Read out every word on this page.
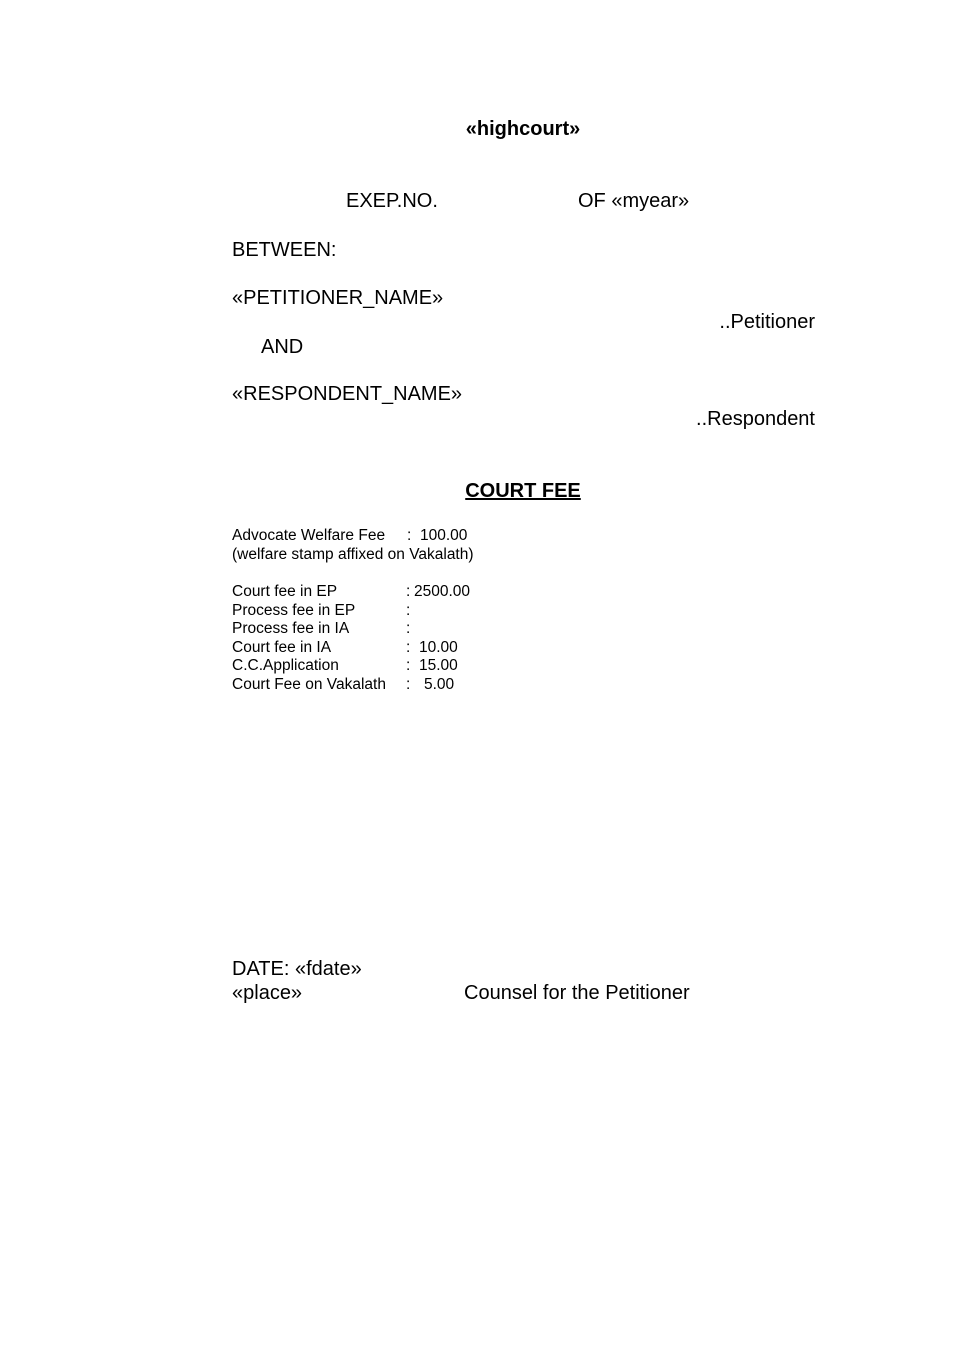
«highcourt»
EXEP.NO.	OF «myear»
BETWEEN:
«PETITIONER_NAME»
..Petitioner
AND
«RESPONDENT_NAME»
..Respondent
COURT FEE
Advocate Welfare Fee	: 100.00
(welfare stamp affixed on Vakalath)
Court fee in EP	: 2500.00
Process fee in EP	:
Process fee in IA	:
Court fee in IA	: 10.00
C.C.Application	: 15.00
Court Fee on Vakalath	: 5.00
DATE: «fdate»
«place»	Counsel for the Petitioner
